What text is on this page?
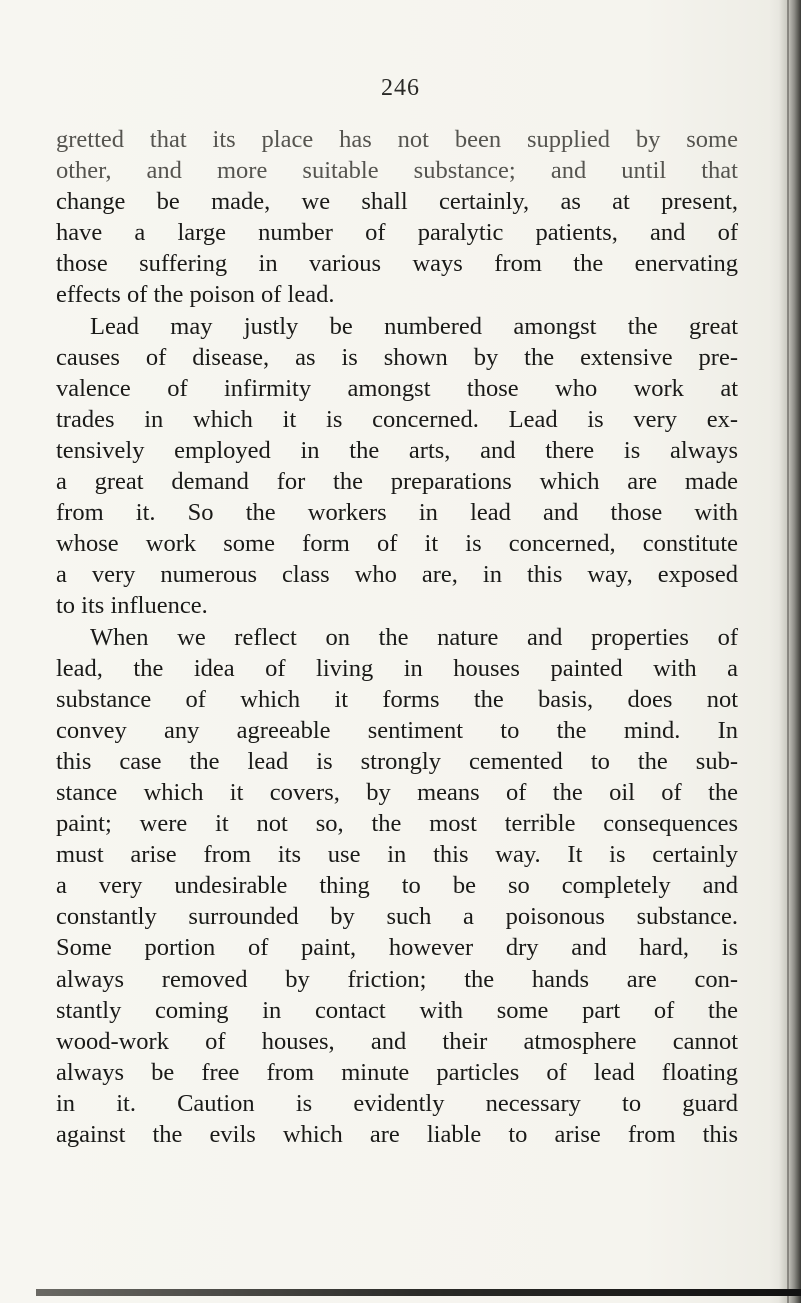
246
gretted that its place has not been supplied by some
other, and more suitable substance; and until that
change be made, we shall certainly, as at present,
have a large number of paralytic patients, and of
those suffering in various ways from the enervating
effects of the poison of lead.
Lead may justly be numbered amongst the great
causes of disease, as is shown by the extensive pre-
valence of infirmity amongst those who work at
trades in which it is concerned. Lead is very ex-
tensively employed in the arts, and there is always
a great demand for the preparations which are made
from it. So the workers in lead and those with
whose work some form of it is concerned, constitute
a very numerous class who are, in this way, exposed
to its influence.
When we reflect on the nature and properties of
lead, the idea of living in houses painted with a
substance of which it forms the basis, does not
convey any agreeable sentiment to the mind. In
this case the lead is strongly cemented to the sub-
stance which it covers, by means of the oil of the
paint; were it not so, the most terrible consequences
must arise from its use in this way. It is certainly
a very undesirable thing to be so completely and
constantly surrounded by such a poisonous substance.
Some portion of paint, however dry and hard, is
always removed by friction; the hands are con-
stantly coming in contact with some part of the
wood-work of houses, and their atmosphere cannot
always be free from minute particles of lead floating
in it. Caution is evidently necessary to guard
against the evils which are liable to arise from this
